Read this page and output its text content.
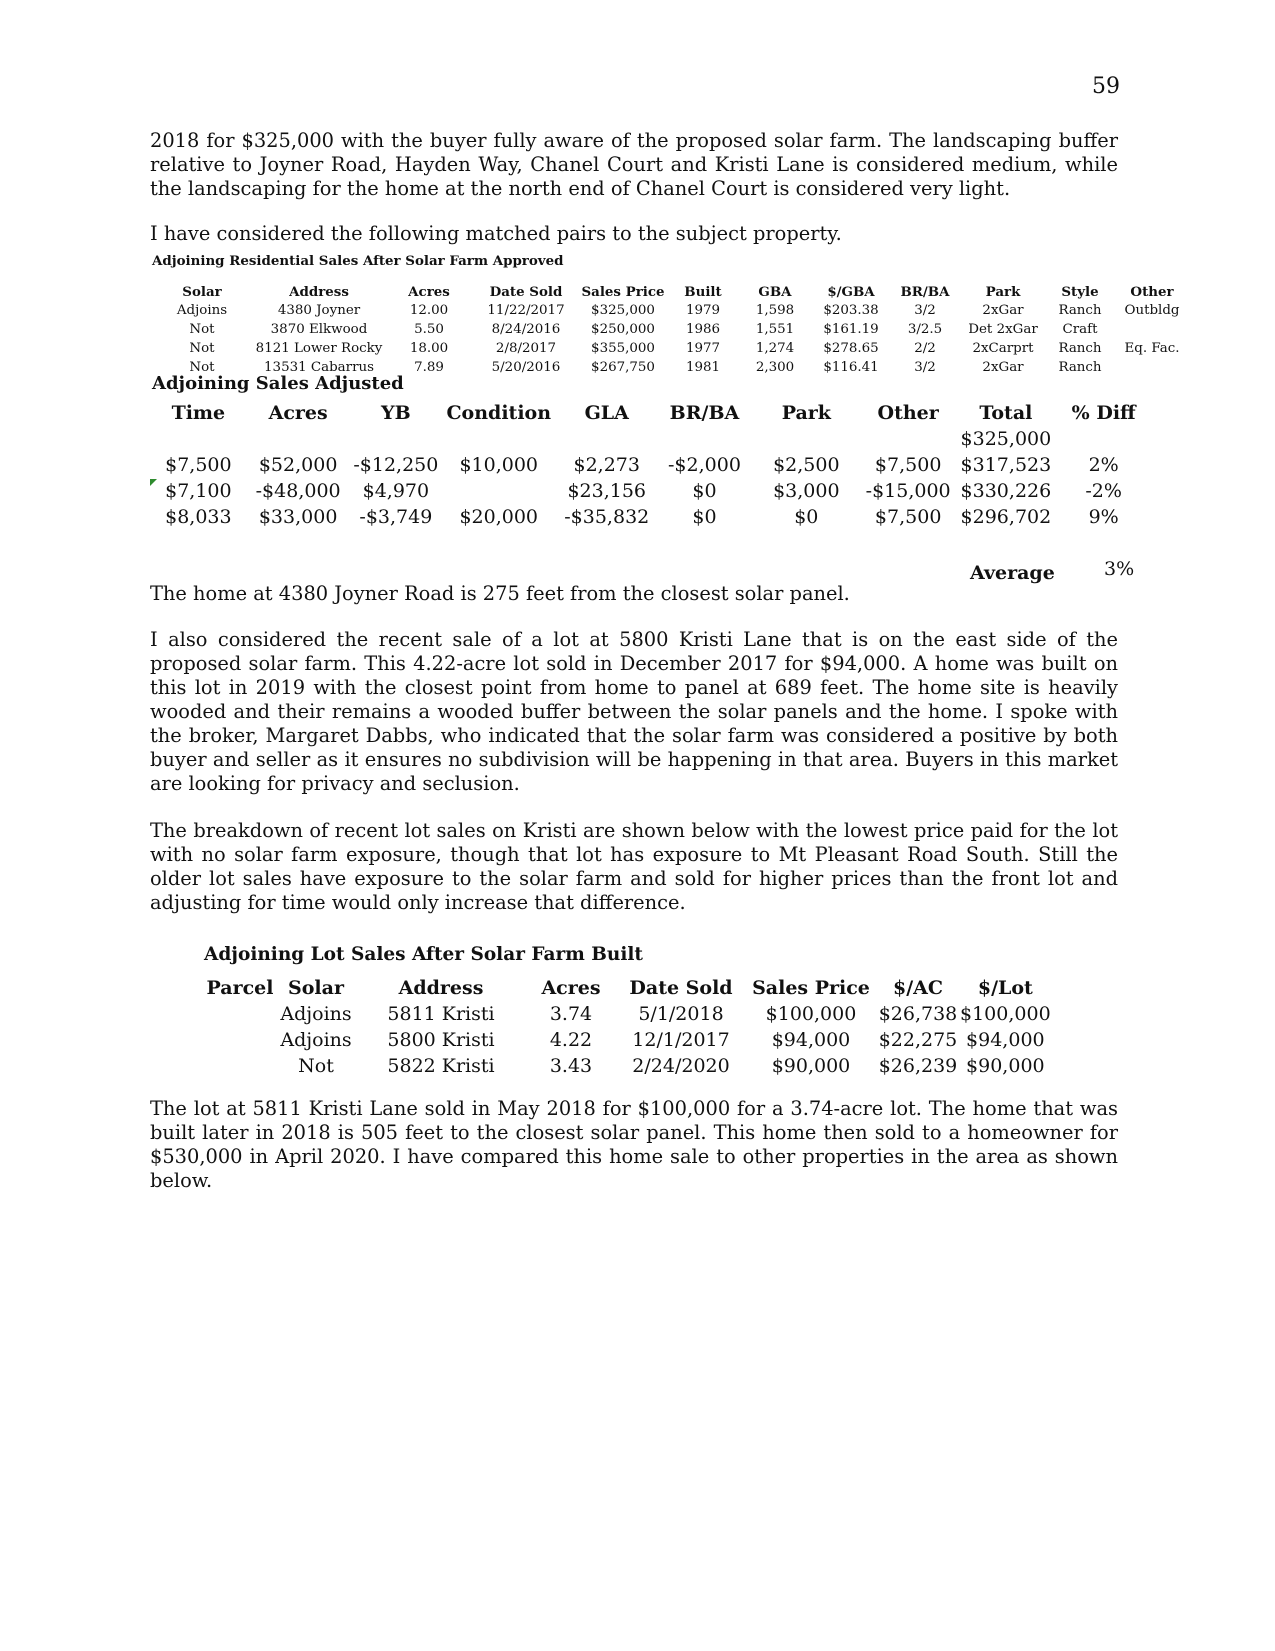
59

2018 for $325,000 with the buyer fully aware of the proposed solar farm. The landscaping buffer relative to Joyner Road, Hayden Way, Chanel Court and Kristi Lane is considered medium, while the landscaping for the home at the north end of Chanel Court is considered very light.

I have considered the following matched pairs to the subject property.

Adjoining Residential Sales After Solar Farm Approved
Solar	Address	Acres	Date Sold	Sales Price	Built	GBA	$/GBA	BR/BA	Park	Style	Other
Adjoins	4380 Joyner	12.00	11/22/2017	$325,000	1979	1,598	$203.38	3/2	2xGar	Ranch	Outbldg
Not	3870 Elkwood	5.50	8/24/2016	$250,000	1986	1,551	$161.19	3/2.5	Det 2xGar	Craft	
Not	8121 Lower Rocky	18.00	2/8/2017	$355,000	1977	1,274	$278.65	2/2	2xCarprt	Ranch	Eq. Fac.
Not	13531 Cabarrus	7.89	5/20/2016	$267,750	1981	2,300	$116.41	3/2	2xGar	Ranch	
Adjoining Sales Adjusted
Time	Acres	YB	Condition	GLA	BR/BA	Park	Other	Total	% Diff
								$325,000	
$7,500	$52,000	-$12,250	$10,000	$2,273	-$2,000	$2,500	$7,500	$317,523	2%
$7,100	-$48,000	$4,970		$23,156	$0	$3,000	-$15,000	$330,226	-2%
$8,033	$33,000	-$3,749	$20,000	-$35,832	$0	$0	$7,500	$296,702	9%
Average	3%

The home at 4380 Joyner Road is 275 feet from the closest solar panel.

I also considered the recent sale of a lot at 5800 Kristi Lane that is on the east side of the proposed solar farm. This 4.22-acre lot sold in December 2017 for $94,000. A home was built on this lot in 2019 with the closest point from home to panel at 689 feet. The home site is heavily wooded and their remains a wooded buffer between the solar panels and the home. I spoke with the broker, Margaret Dabbs, who indicated that the solar farm was considered a positive by both buyer and seller as it ensures no subdivision will be happening in that area. Buyers in this market are looking for privacy and seclusion.

The breakdown of recent lot sales on Kristi are shown below with the lowest price paid for the lot with no solar farm exposure, though that lot has exposure to Mt Pleasant Road South. Still the older lot sales have exposure to the solar farm and sold for higher prices than the front lot and adjusting for time would only increase that difference.

Adjoining Lot Sales After Solar Farm Built
Parcel	Solar	Address	Acres	Date Sold	Sales Price	$/AC	$/Lot
	Adjoins	5811 Kristi	3.74	5/1/2018	$100,000	$26,738	$100,000
	Adjoins	5800 Kristi	4.22	12/1/2017	$94,000	$22,275	$94,000
	Not	5822 Kristi	3.43	2/24/2020	$90,000	$26,239	$90,000

The lot at 5811 Kristi Lane sold in May 2018 for $100,000 for a 3.74-acre lot. The home that was built later in 2018 is 505 feet to the closest solar panel. This home then sold to a homeowner for $530,000 in April 2020. I have compared this home sale to other properties in the area as shown below.
